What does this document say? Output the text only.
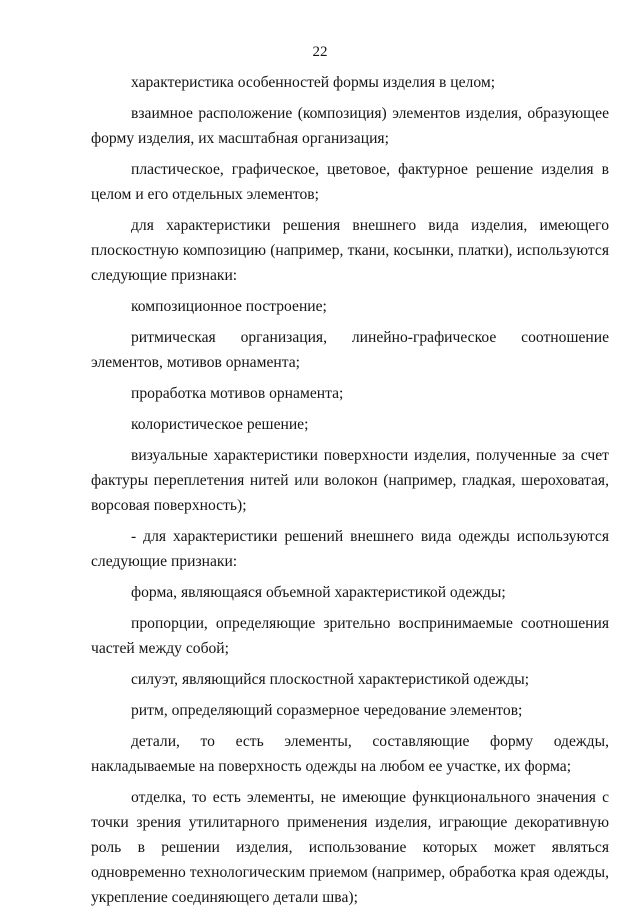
22

характеристика особенностей формы изделия в целом;

взаимное расположение (композиция) элементов изделия, образующее форму изделия, их масштабная организация;

пластическое, графическое, цветовое, фактурное решение изделия в целом и его отдельных элементов;

для характеристики решения внешнего вида изделия, имеющего плоскостную композицию (например, ткани, косынки, платки), используются следующие признаки:

композиционное построение;

ритмическая организация, линейно-графическое соотношение элементов, мотивов орнамента;

проработка мотивов орнамента;

колористическое решение;

визуальные характеристики поверхности изделия, полученные за счет фактуры переплетения нитей или волокон (например, гладкая, шероховатая, ворсовая поверхность);

- для характеристики решений внешнего вида одежды используются следующие признаки:

форма, являющаяся объемной характеристикой одежды;

пропорции, определяющие зрительно воспринимаемые соотношения частей между собой;

силуэт, являющийся плоскостной характеристикой одежды;

ритм, определяющий соразмерное чередование элементов;

детали, то есть элементы, составляющие форму одежды, накладываемые на поверхность одежды на любом ее участке, их форма;

отделка, то есть элементы, не имеющие функционального значения с точки зрения утилитарного применения изделия, играющие декоративную роль в решении изделия, использование которых может являться одновременно технологическим приемом (например, обработка края одежды, укрепление соединяющего детали шва);
